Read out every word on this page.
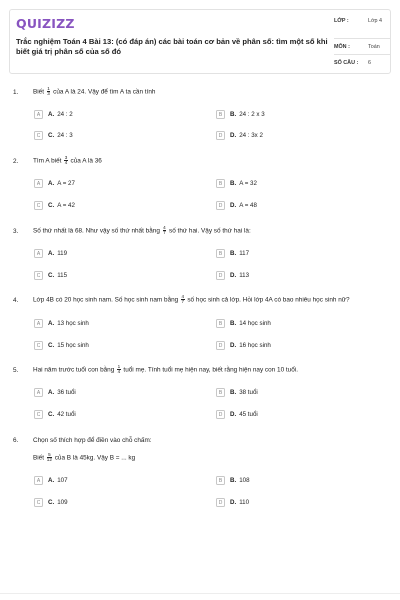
QUIZIZZ
Trắc nghiệm Toán 4 Bài 13: (có đáp án) các bài toán cơ bản về phân số: tìm một số khi biết giá trị phân số của số đó
LỚP :	Lớp 4
MÔN :	Toán
SỐ CÂU : 6
1. Biết $\frac{1}{3}$ của A là 24. Vậy để tìm A ta cần tính
A	A. 24 : 2	B	B. 24 : 2 x 3
C	C. 24 : 3	D	D. 24 : 3x 2
2. Tìm A biết $\frac{3}{4}$ của A là 36
A	A. A = 27	B	B. A = 32
C	C. A = 42	D	D. A = 48
3. Số thứ nhất là 68. Như vậy số thứ nhất bằng $\frac{4}{7}$ số thứ hai. Vậy số thứ hai là:
A	A. 119	B	B. 117
C	C. 115	D	D. 113
4. Lớp 4B có 20 học sinh nam. Số học sinh nam bằng $\frac{4}{7}$ số học sinh cả lớp. Hỏi lớp 4A có bao nhiêu học sinh nữ?
A	A. 13 học sinh	B	B. 14 học sinh
C	C. 15 học sinh	D	D. 16 học sinh
5. Hai năm trước tuổi con bằng $\frac{1}{4}$ tuổi mẹ. Tính tuổi mẹ hiện nay, biết rằng hiện nay con 10 tuổi.
A	A. 36 tuổi	B	B. 38 tuổi
C	C. 42 tuổi	D	D. 45 tuổi
6. Chọn số thích hợp để điền vào chỗ chấm:
Biết $\frac{5}{12}$ của B là 45kg. Vậy B = ... kg
A	A. 107	B	B. 108
C	C. 109	D	D. 110
